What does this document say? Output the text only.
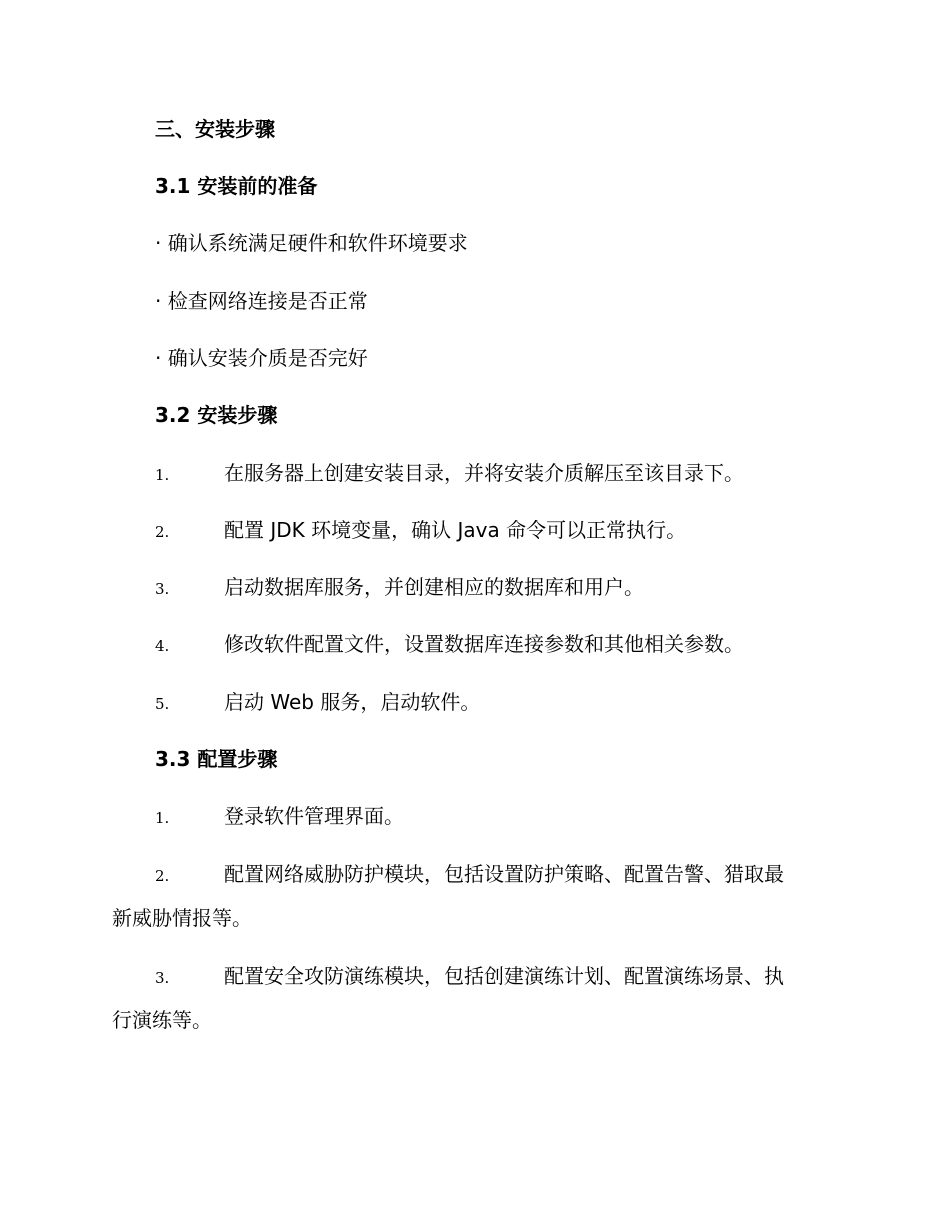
三、安装步骤
3.1 安装前的准备
· 确认系统满足硬件和软件环境要求
· 检查网络连接是否正常
· 确认安装介质是否完好
3.2 安装步骤
1.	在服务器上创建安装目录，并将安装介质解压至该目录下。
2.	配置 JDK 环境变量，确认 Java 命令可以正常执行。
3.	启动数据库服务，并创建相应的数据库和用户。
4.	修改软件配置文件，设置数据库连接参数和其他相关参数。
5.	启动 Web 服务，启动软件。
3.3 配置步骤
1.	登录软件管理界面。
2.	配置网络威胁防护模块，包括设置防护策略、配置告警、猎取最
新威胁情报等。
3.	配置安全攻防演练模块，包括创建演练计划、配置演练场景、执
行演练等。
